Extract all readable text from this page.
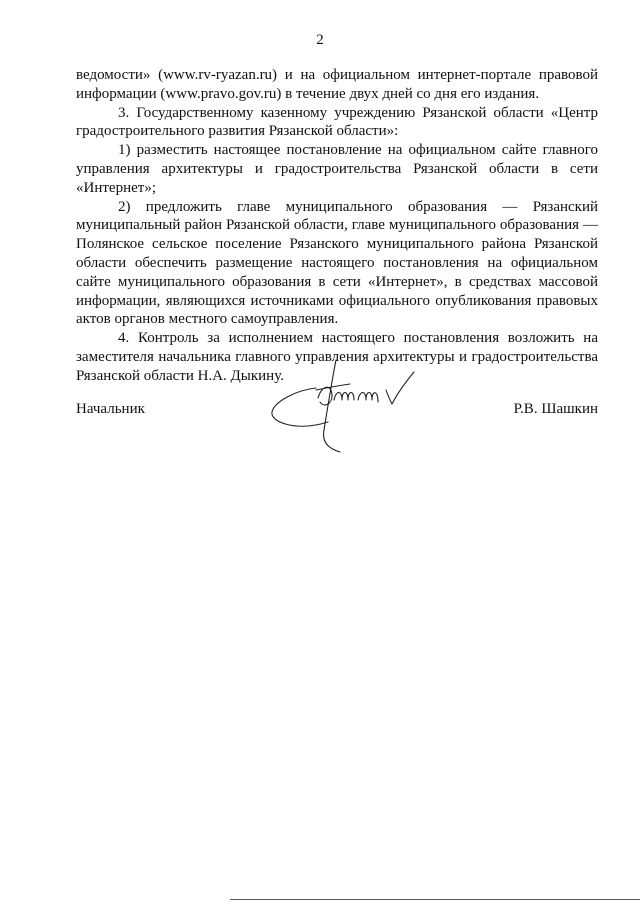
2

ведомости» (www.rv-ryazan.ru) и на официальном интернет-портале правовой информации (www.pravo.gov.ru) в течение двух дней со дня его издания.

3. Государственному казенному учреждению Рязанской области «Центр градостроительного развития Рязанской области»:

1) разместить настоящее постановление на официальном сайте главного управления архитектуры и градостроительства Рязанской области в сети «Интернет»;

2) предложить главе муниципального образования — Рязанский муниципальный район Рязанской области, главе муниципального образования — Полянское сельское поселение Рязанского муниципального района Рязанской области обеспечить размещение настоящего постановления на официальном сайте муниципального образования в сети «Интернет», в средствах массовой информации, являющихся источниками официального опубликования правовых актов органов местного самоуправления.

4. Контроль за исполнением настоящего постановления возложить на заместителя начальника главного управления архитектуры и градостроительства Рязанской области Н.А. Дыкину.

Начальник	Р.В. Шашкин
